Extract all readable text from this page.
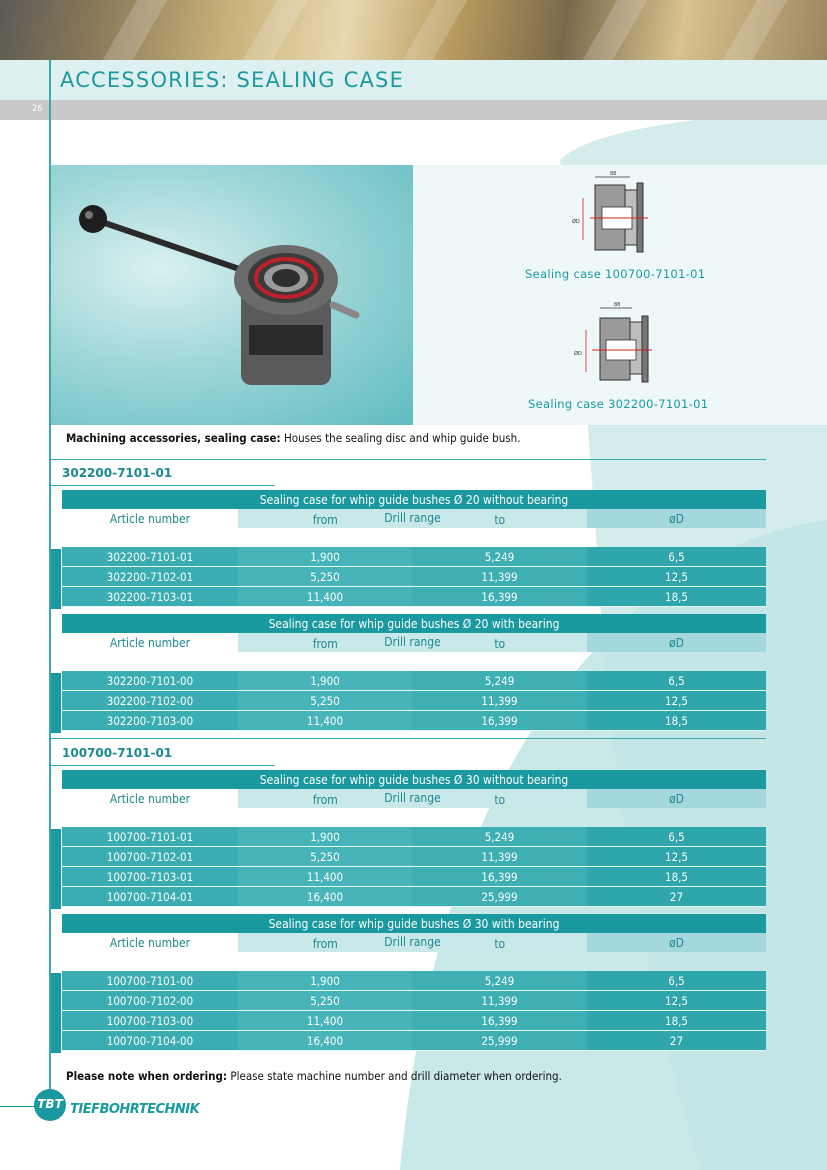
ACCESSORIES: SEALING CASE
26
88
ØD
Sealing case 100700-7101-01
88
ØD
Sealing case 302200-7101-01
Machining accessories, sealing case: Houses the sealing disc and whip guide bush.
302200-7101-01
Sealing case for whip guide bushes Ø 20 without bearing			
Article number	Drill range
from to		øD

302200-7101-01	1,900	5,249	6,5
302200-7102-01	5,250	11,399	12,5
302200-7103-01	11,400	16,399	18,5
Sealing case for whip guide bushes Ø 20 with bearing			
Article number	Drill range
from to		øD

302200-7101-00	1,900	5,249	6,5
302200-7102-00	5,250	11,399	12,5
302200-7103-00	11,400	16,399	18,5
100700-7101-01
Sealing case for whip guide bushes Ø 30 without bearing			
Article number	Drill range
from to		øD

100700-7101-01	1,900	5,249	6,5
100700-7102-01	5,250	11,399	12,5
100700-7103-01	11,400	16,399	18,5
100700-7104-01	16,400	25,999	27
Sealing case for whip guide bushes Ø 30 with bearing			
Article number	Drill range
from to		øD

100700-7101-00	1,900	5,249	6,5
100700-7102-00	5,250	11,399	12,5
100700-7103-00	11,400	16,399	18,5
100700-7104-00	16,400	25,999	27
Please note when ordering: Please state machine number and drill diameter when ordering.
TBT TIEFBOHRTECHNIK
